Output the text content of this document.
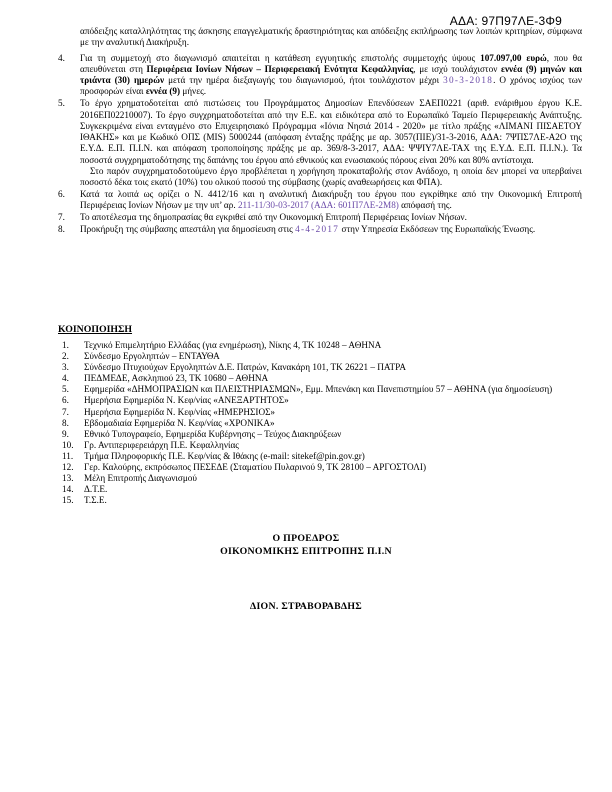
ΑΔΑ: 97Π97ΛΕ-3Φ9
απόδειξης καταλληλότητας της άσκησης επαγγελματικής δραστηριότητας και απόδειξης εκπλήρωσης των λοιπών κριτηρίων, σύμφωνα με την αναλυτική Διακήρυξη.
4.	Για τη συμμετοχή στο διαγωνισμό απαιτείται η κατάθεση εγγυητικής επιστολής συμμετοχής ύψους 107.097,00 ευρώ, που θα απευθύνεται στη Περιφέρεια Ιονίων Νήσων – Περιφερειακή Ενότητα Κεφαλληνίας, με ισχύ τουλάχιστον εννέα (9) μηνών και τριάντα (30) ημερών μετά την ημέρα διεξαγωγής του διαγωνισμού, ήτοι τουλάχιστον μέχρι 30-3-2018. Ο χρόνος ισχύος των προσφορών είναι εννέα (9) μήνες.
5.	Το έργο χρηματοδοτείται από πιστώσεις του Προγράμματος Δημοσίων Επενδύσεων ΣΑΕΠ0221 (αριθ. ενάριθμου έργου Κ.Ε. 2016ΕΠ02210007). Το έργο συγχρηματοδοτείται από την Ε.Ε. και ειδικότερα από το Ευρωπαϊκό Ταμείο Περιφερειακής Ανάπτυξης. Συγκεκριμένα είναι ενταγμένο στο Επιχειρησιακό Πρόγραμμα «Ιόνια Νησιά 2014 - 2020» με τίτλο πράξης «ΛΙΜΑΝΙ ΠΙΣΑΕΤΟΥ ΙΘΑΚΗΣ» και με Κωδικό ΟΠΣ (MIS) 5000244 (απόφαση ένταξης πράξης με αρ. 3057(ΠΙΕ)/31-3-2016, ΑΔΑ: 7ΨΠΣ7ΛΕ-Α2Ο της Ε.Υ.Δ. Ε.Π. Π.Ι.Ν. και απόφαση τροποποίησης πράξης με αρ. 369/8-3-2017, ΑΔΑ: ΨΨΙΥ7ΛΕ-ΤΑΧ της Ε.Υ.Δ. Ε.Π. Π.Ι.Ν.). Τα ποσοστά συγχρηματοδότησης της δαπάνης του έργου από εθνικούς και ενωσιακούς πόρους είναι 20% και 80% αντίστοιχα.
Στο παρόν συγχρηματοδοτούμενο έργο προβλέπεται η χορήγηση προκαταβολής στον Ανάδοχο, η οποία δεν μπορεί να υπερβαίνει ποσοστό δέκα τοις εκατό (10%) του ολικού ποσού της σύμβασης (χωρίς αναθεωρήσεις και ΦΠΑ).
6.	Κατά τα λοιπά ως ορίζει ο Ν. 4412/16 και η αναλυτική Διακήρυξη του έργου που εγκρίθηκε από την Οικονομική Επιτροπή Περιφέρειας Ιονίων Νήσων με την υπ’ αρ. 211-11/30-03-2017 (ΑΔΑ: 601Π7ΛΕ-2Μ8) απόφασή της.
7.	Το αποτέλεσμα της δημοπρασίας θα εγκριθεί από την Οικονομική Επιτροπή Περιφέρειας Ιονίων Νήσων.
8.	Προκήρυξη της σύμβασης απεστάλη για δημοσίευση στις 4-4-2017 στην Υπηρεσία Εκδόσεων της Ευρωπαϊκής Ένωσης.
ΚΟΙΝΟΠΟΙΗΣΗ
1.	Τεχνικό Επιμελητήριο Ελλάδας (για ενημέρωση), Νίκης 4, ΤΚ 10248 – ΑΘΗΝΑ
2.	Σύνδεσμο Εργοληπτών – ΕΝΤΑΥΘΑ
3.	Σύνδεσμο Πτυχιούχων Εργοληπτών Δ.Ε. Πατρών, Κανακάρη 101, ΤΚ 26221 – ΠΑΤΡΑ
4.	ΠΕΔΜΕΔΕ, Ασκληπιού 23, ΤΚ 10680 – ΑΘΗΝΑ
5.	Εφημερίδα «ΔΗΜΟΠΡΑΣΙΩΝ και ΠΛΕΙΣΤΗΡΙΑΣΜΩΝ», Εμμ. Μπενάκη και Πανεπιστημίου 57 – ΑΘΗΝΑ (για δημοσίευση)
6.	Ημερήσια Εφημερίδα Ν. Κεφ/νίας «ΑΝΕΞΑΡΤΗΤΟΣ»
7.	Ημερήσια Εφημερίδα Ν. Κεφ/νίας «ΗΜΕΡΗΣΙΟΣ»
8.	Εβδομαδιαία Εφημερίδα Ν. Κεφ/νίας «ΧΡΟΝΙΚΑ»
9.	Εθνικό Τυπογραφείο, Εφημερίδα Κυβέρνησης – Τεύχος Διακηρύξεων
10.	Γρ. Αντιπεριφερειάρχη Π.Ε. Κεφαλληνίας
11.	Τμήμα Πληροφορικής Π.Ε. Κεφ/νίας & Ιθάκης (e-mail: sitekef@pin.gov.gr)
12.	Γερ. Καλούρης, εκπρόσωπος ΠΕΣΕΔΕ (Σταματίου Πυλαρινού 9, ΤΚ 28100 – ΑΡΓΟΣΤΟΛΙ)
13.	Μέλη Επιτροπής Διαγωνισμού
14.	Δ.Τ.Ε.
15.	Τ.Σ.Ε.
Ο ΠΡΟΕΔΡΟΣ
ΟΙΚΟΝΟΜΙΚΗΣ ΕΠΙΤΡΟΠΗΣ Π.Ι.Ν
ΔΙΟΝ. ΣΤΡΑΒΟΡΑΒΔΗΣ
